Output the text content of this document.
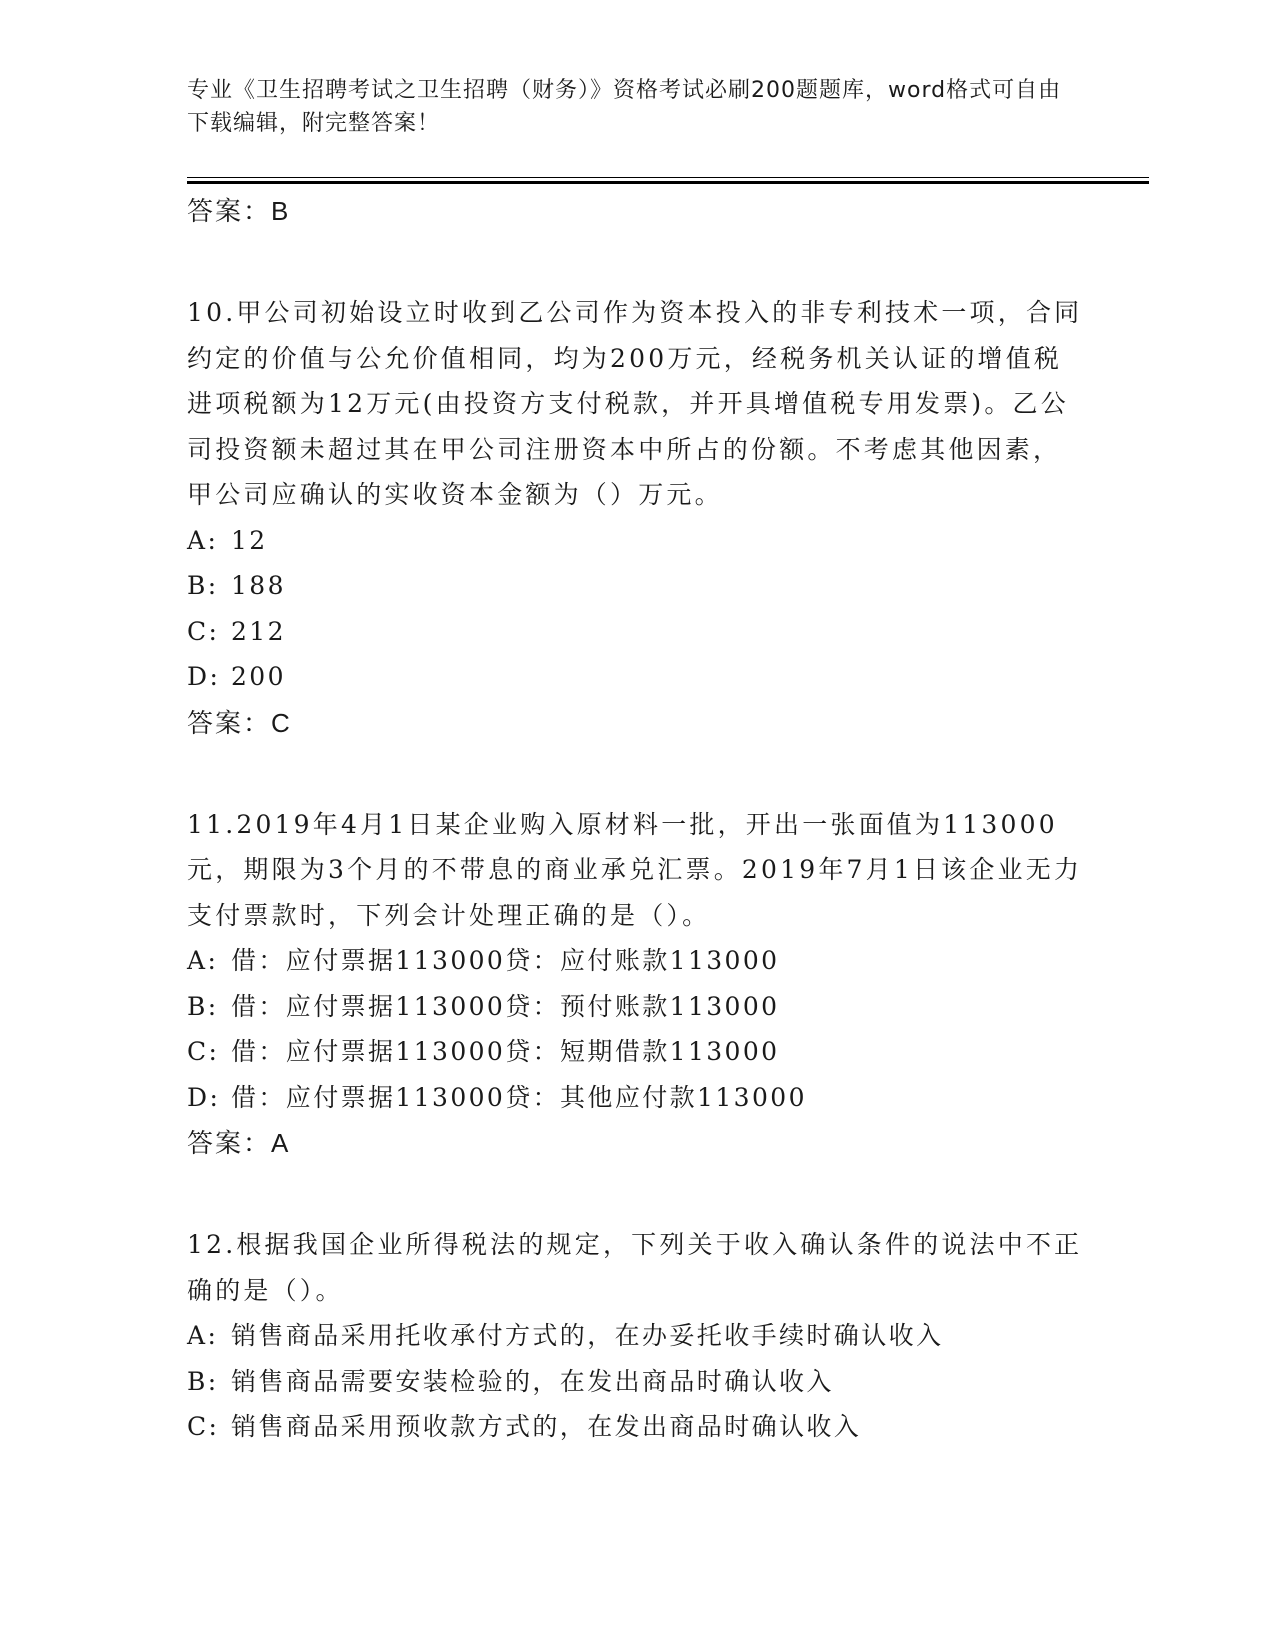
专业《卫生招聘考试之卫生招聘（财务）》资格考试必刷200题题库，word格式可自由下载编辑，附完整答案！
答案：B

10.甲公司初始设立时收到乙公司作为资本投入的非专利技术一项，合同约定的价值与公允价值相同，均为200万元，经税务机关认证的增值税进项税额为12万元(由投资方支付税款，并开具增值税专用发票)。乙公司投资额未超过其在甲公司注册资本中所占的份额。不考虑其他因素，甲公司应确认的实收资本金额为（）万元。

A: 12
B: 188
C: 212
D: 200
答案：C

11.2019年4月1日某企业购入原材料一批，开出一张面值为113000元，期限为3个月的不带息的商业承兑汇票。2019年7月1日该企业无力支付票款时，下列会计处理正确的是（）。

A: 借：应付票据113000贷：应付账款113000
B: 借：应付票据113000贷：预付账款113000
C: 借：应付票据113000贷：短期借款113000
D: 借：应付票据113000贷：其他应付款113000
答案：A

12.根据我国企业所得税法的规定，下列关于收入确认条件的说法中不正确的是（）。

A: 销售商品采用托收承付方式的，在办妥托收手续时确认收入
B: 销售商品需要安装检验的，在发出商品时确认收入
C: 销售商品采用预收款方式的，在发出商品时确认收入
